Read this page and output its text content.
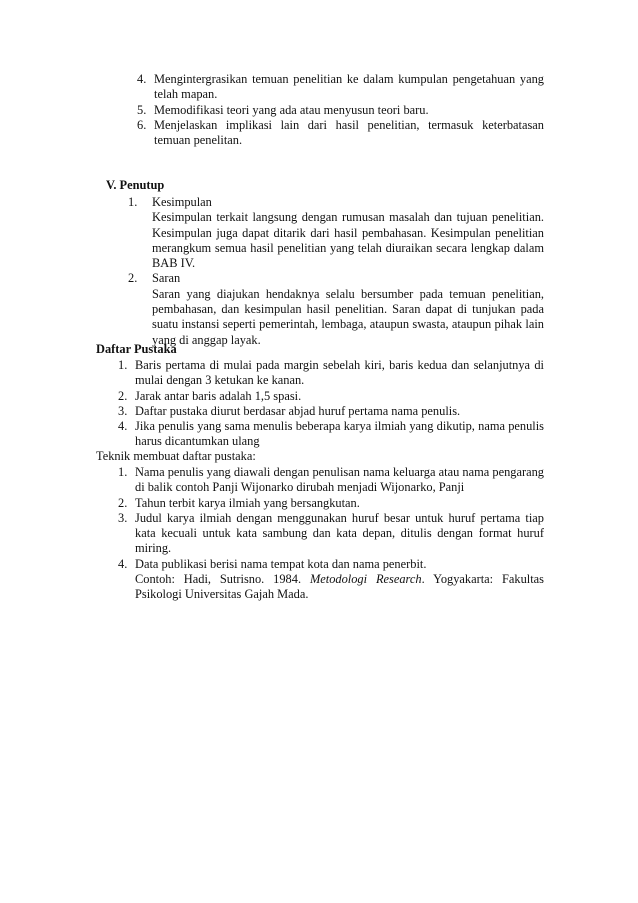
4. Mengintergrasikan temuan penelitian ke dalam kumpulan pengetahuan yang telah mapan.
5. Memodifikasi teori yang ada atau menyusun teori baru.
6. Menjelaskan implikasi lain dari hasil penelitian, termasuk keterbatasan temuan penelitan.
V. Penutup
1.	Kesimpulan
Kesimpulan terkait langsung dengan rumusan masalah dan tujuan penelitian. Kesimpulan juga dapat ditarik dari hasil pembahasan. Kesimpulan penelitian merangkum semua hasil penelitian yang telah diuraikan secara lengkap dalam BAB IV.
2.	Saran
Saran yang diajukan hendaknya selalu bersumber pada temuan penelitian, pembahasan, dan kesimpulan hasil penelitian. Saran dapat di tunjukan pada suatu instansi seperti pemerintah, lembaga, ataupun swasta, ataupun pihak lain yang di anggap layak.
Daftar Pustaka
1. Baris pertama di mulai pada margin sebelah kiri, baris kedua dan selanjutnya di mulai dengan 3 ketukan ke kanan.
2. Jarak antar baris adalah 1,5 spasi.
3. Daftar pustaka diurut berdasar abjad huruf pertama nama penulis.
4. Jika penulis yang sama menulis beberapa karya ilmiah yang dikutip, nama penulis harus dicantumkan ulang
Teknik membuat daftar pustaka:
1. Nama penulis yang diawali dengan penulisan nama keluarga atau nama pengarang di balik contoh Panji Wijonarko dirubah menjadi Wijonarko, Panji
2. Tahun terbit karya ilmiah yang bersangkutan.
3. Judul karya ilmiah dengan menggunakan huruf besar untuk huruf pertama tiap kata kecuali untuk kata sambung dan kata depan, ditulis dengan format huruf miring.
4. Data publikasi berisi nama tempat kota dan nama penerbit.
Contoh: Hadi, Sutrisno. 1984. Metodologi Research. Yogyakarta: Fakultas Psikologi Universitas Gajah Mada.
